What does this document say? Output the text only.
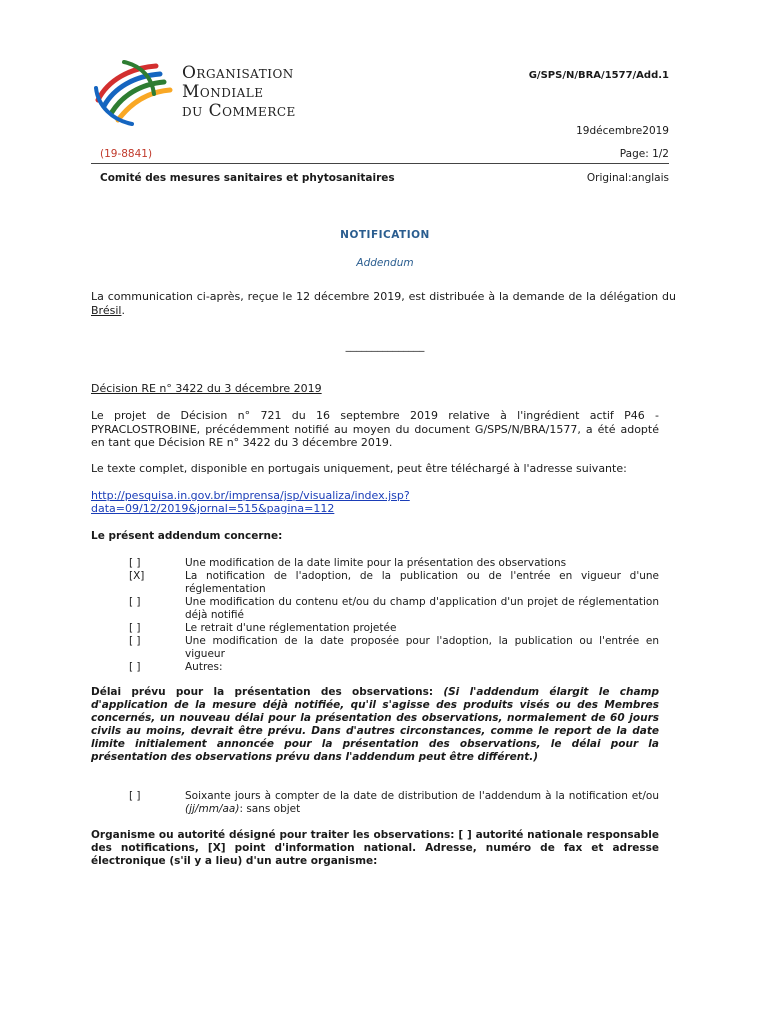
Organisation
Mondiale
du Commerce
G/SPS/N/BRA/1577/Add.1
19décembre2019
(19-8841)	Page: 1/2
Comité des mesures sanitaires et phytosanitaires	Original:anglais
NOTIFICATION
Addendum

La communication ci-après, reçue le 12 décembre 2019, est distribuée à la demande de la délégation du Brésil.

_______________
Décision RE n° 3422 du 3 décembre 2019

Le projet de Décision n° 721 du 16 septembre 2019 relative à l'ingrédient actif P46 - PYRACLOSTROBINE, précédemment notifié au moyen du document G/SPS/N/BRA/1577, a été adopté en tant que Décision RE n° 3422 du 3 décembre 2019.

Le texte complet, disponible en portugais uniquement, peut être téléchargé à l'adresse suivante:

http://pesquisa.in.gov.br/imprensa/jsp/visualiza/index.jsp?
data=09/12/2019&jornal=515&pagina=112
Le présent addendum concerne:
[ ]	Une modification de la date limite pour la présentation des observations
[X]	La notification de l'adoption, de la publication ou de l'entrée en vigueur d'une réglementation
[ ]	Une modification du contenu et/ou du champ d'application d'un projet de réglementation déjà notifié
[ ]	Le retrait d'une réglementation projetée
[ ]	Une modification de la date proposée pour l'adoption, la publication ou l'entrée en vigueur
[ ]	Autres:

Délai prévu pour la présentation des observations: (Si l'addendum élargit le champ d'application de la mesure déjà notifiée, qu'il s'agisse des produits visés ou des Membres concernés, un nouveau délai pour la présentation des observations, normalement de 60 jours civils au moins, devrait être prévu. Dans d'autres circonstances, comme le report de la date limite initialement annoncée pour la présentation des observations, le délai pour la présentation des observations prévu dans l'addendum peut être différent.)

[ ]	Soixante jours à compter de la date de distribution de l'addendum à la notification et/ou (jj/mm/aa): sans objet

Organisme ou autorité désigné pour traiter les observations: [ ] autorité nationale responsable des notifications, [X] point d'information national. Adresse, numéro de fax et adresse électronique (s'il y a lieu) d'un autre organisme:
